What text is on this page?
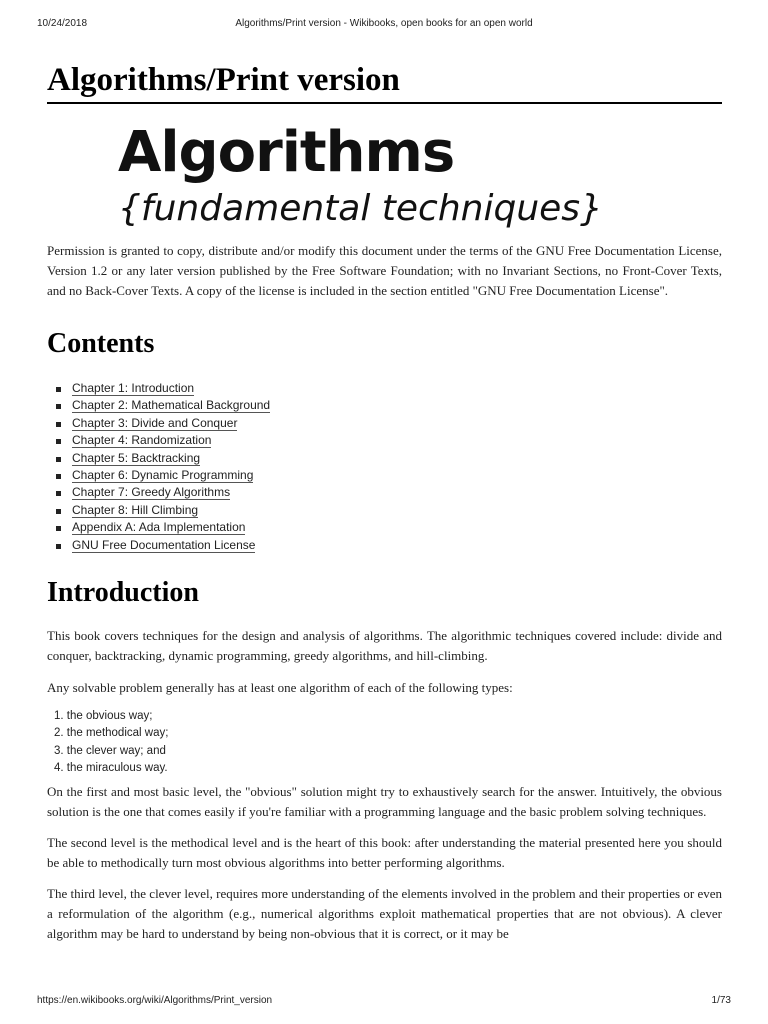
10/24/2018	Algorithms/Print version - Wikibooks, open books for an open world
Algorithms/Print version
Algorithms
{fundamental techniques}

Permission is granted to copy, distribute and/or modify this document under the terms of the GNU Free Documentation License, Version 1.2 or any later version published by the Free Software Foundation; with no Invariant Sections, no Front-Cover Texts, and no Back-Cover Texts. A copy of the license is included in the section entitled "GNU Free Documentation License".

Contents
Chapter 1: Introduction
Chapter 2: Mathematical Background
Chapter 3: Divide and Conquer
Chapter 4: Randomization
Chapter 5: Backtracking
Chapter 6: Dynamic Programming
Chapter 7: Greedy Algorithms
Chapter 8: Hill Climbing
Appendix A: Ada Implementation
GNU Free Documentation License
Introduction

This book covers techniques for the design and analysis of algorithms. The algorithmic techniques covered include: divide and conquer, backtracking, dynamic programming, greedy algorithms, and hill-climbing.

Any solvable problem generally has at least one algorithm of each of the following types:

1. the obvious way;
2. the methodical way;
3. the clever way; and
4. the miraculous way.

On the first and most basic level, the "obvious" solution might try to exhaustively search for the answer. Intuitively, the obvious solution is the one that comes easily if you're familiar with a programming language and the basic problem solving techniques.

The second level is the methodical level and is the heart of this book: after understanding the material presented here you should be able to methodically turn most obvious algorithms into better performing algorithms.

The third level, the clever level, requires more understanding of the elements involved in the problem and their properties or even a reformulation of the algorithm (e.g., numerical algorithms exploit mathematical properties that are not obvious). A clever algorithm may be hard to understand by being non-obvious that it is correct, or it may be

https://en.wikibooks.org/wiki/Algorithms/Print_version	1/73
